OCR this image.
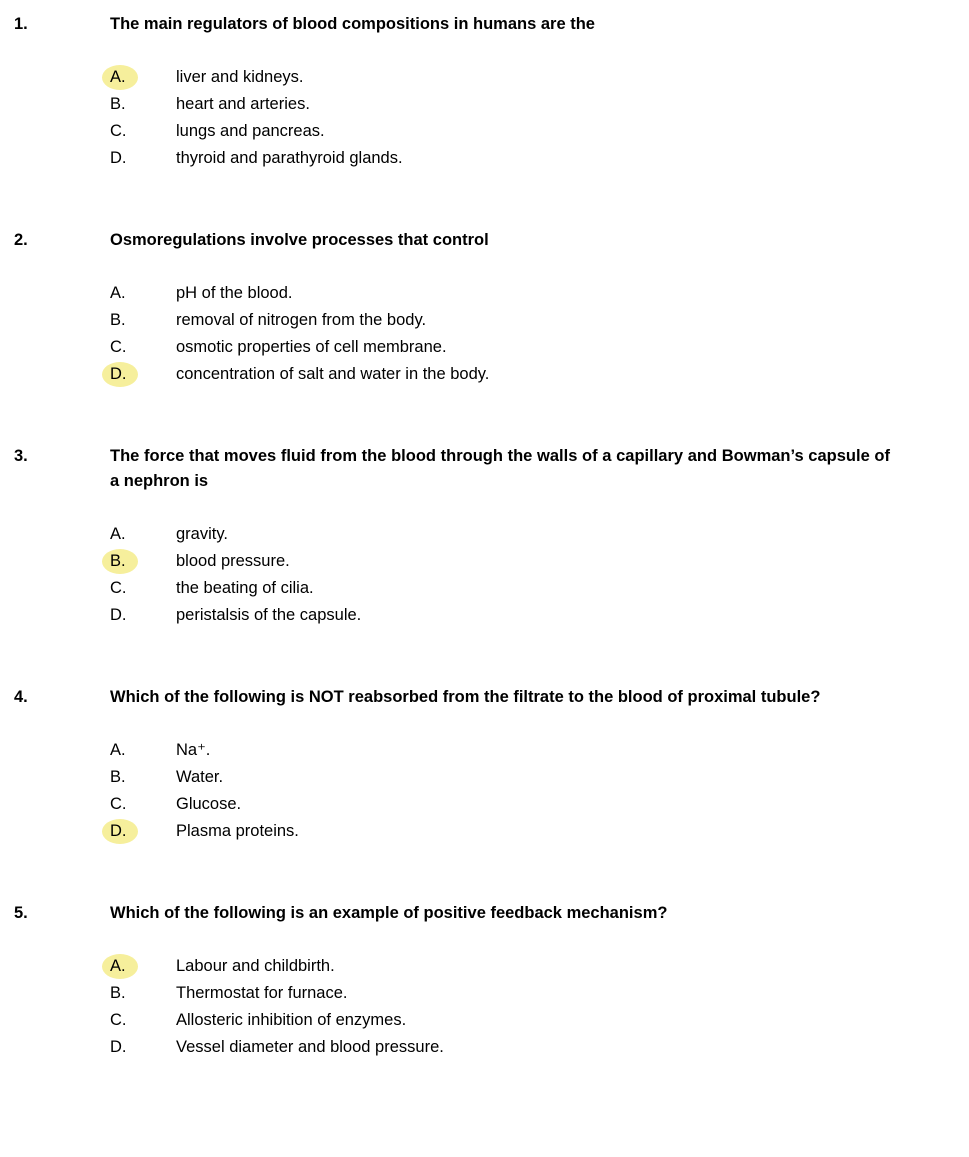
1.	The main regulators of blood compositions in humans are the
A.	liver and kidneys.
B.	heart and arteries.
C.	lungs and pancreas.
D.	thyroid and parathyroid glands.
2.	Osmoregulations involve processes that control
A.	pH of the blood.
B.	removal of nitrogen from the body.
C.	osmotic properties of cell membrane.
D.	concentration of salt and water in the body.
3.	The force that moves fluid from the blood through the walls of a capillary and Bowman’s capsule of a nephron is
A.	gravity.
B.	blood pressure.
C.	the beating of cilia.
D.	peristalsis of the capsule.
4.	Which of the following is NOT reabsorbed from the filtrate to the blood of proximal tubule?
A.	Na⁺.
B.	Water.
C.	Glucose.
D.	Plasma proteins.
5.	Which of the following is an example of positive feedback mechanism?
A.	Labour and childbirth.
B.	Thermostat for furnace.
C.	Allosteric inhibition of enzymes.
D.	Vessel diameter and blood pressure.
